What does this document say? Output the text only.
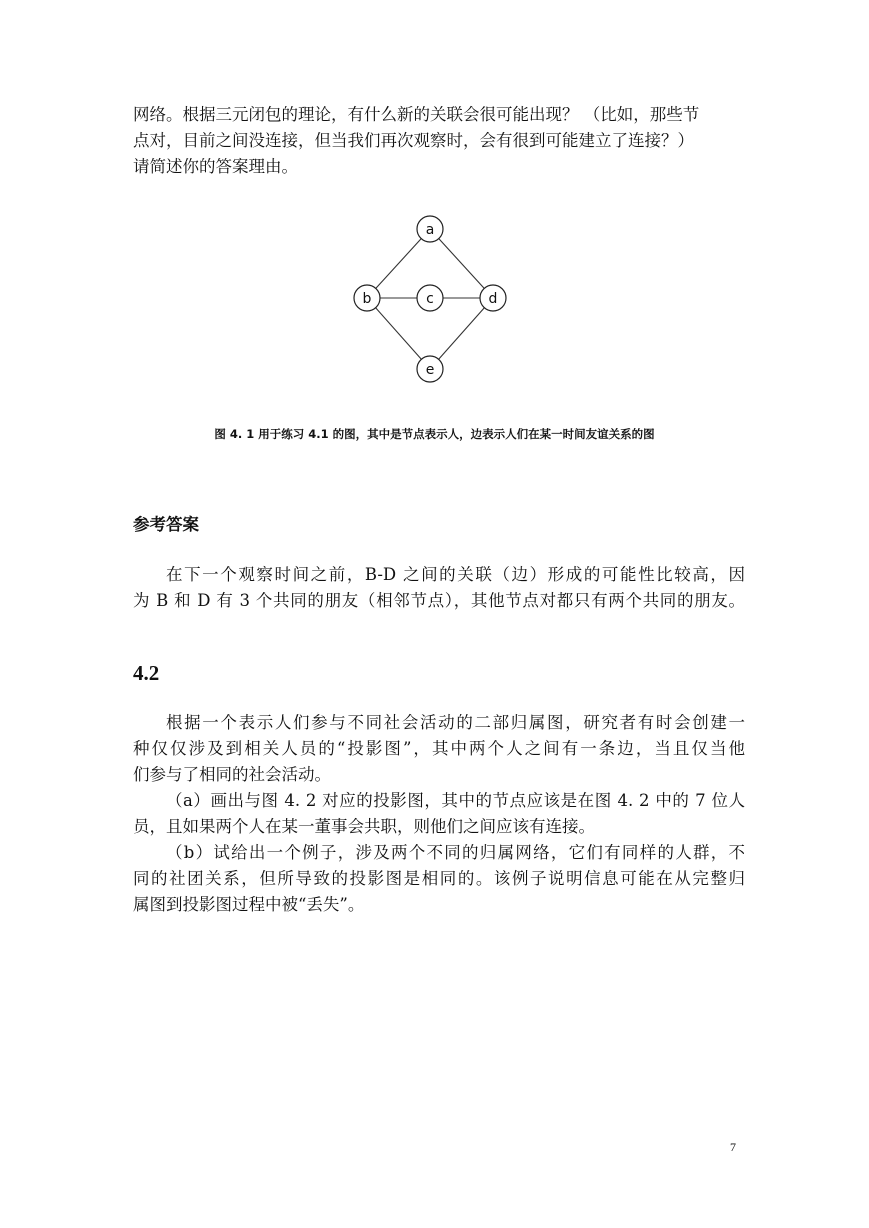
网络。根据三元闭包的理论，有什么新的关联会很可能出现？ （比如，那些节
点对，目前之间没连接，但当我们再次观察时，会有很到可能建立了连接？）
请简述你的答案理由。
a
b	c	d
e
图 4. 1 用于练习 4.1 的图，其中是节点表示人，边表示人们在某一时间友谊关系的图
参考答案
在下一个观察时间之前，B-D 之间的关联（边）形成的可能性比较高，因
为 B 和 D 有 3 个共同的朋友（相邻节点），其他节点对都只有两个共同的朋友。
4.2
根据一个表示人们参与不同社会活动的二部归属图，研究者有时会创建一
种仅仅涉及到相关人员的“投影图”，其中两个人之间有一条边，当且仅当他
们参与了相同的社会活动。
（a）画出与图 4. 2 对应的投影图，其中的节点应该是在图 4. 2 中的 7 位人
员，且如果两个人在某一董事会共职，则他们之间应该有连接。
（b）试给出一个例子，涉及两个不同的归属网络，它们有同样的人群，不
同的社团关系，但所导致的投影图是相同的。该例子说明信息可能在从完整归
属图到投影图过程中被“丢失”。
7
